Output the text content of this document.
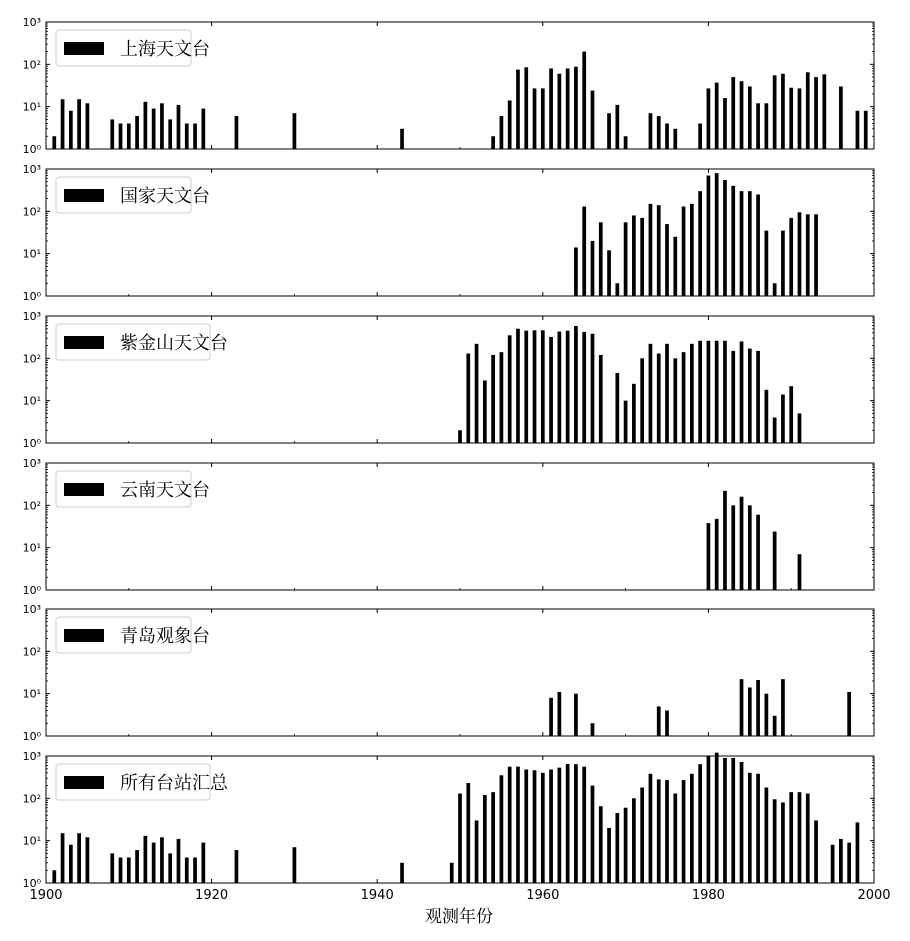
10⁰
10¹
10²
10³
上海天文台
10⁰
10¹
10²
10³
国家天文台
10⁰
10¹
10²
10³
紫金山天文台
10⁰
10¹
10²
10³
云南天文台
10⁰
10¹
10²
10³
青岛观象台
10⁰
10¹
10²
10³
所有台站汇总
1900	1920	1940	1960	1980	2000
观测年份
